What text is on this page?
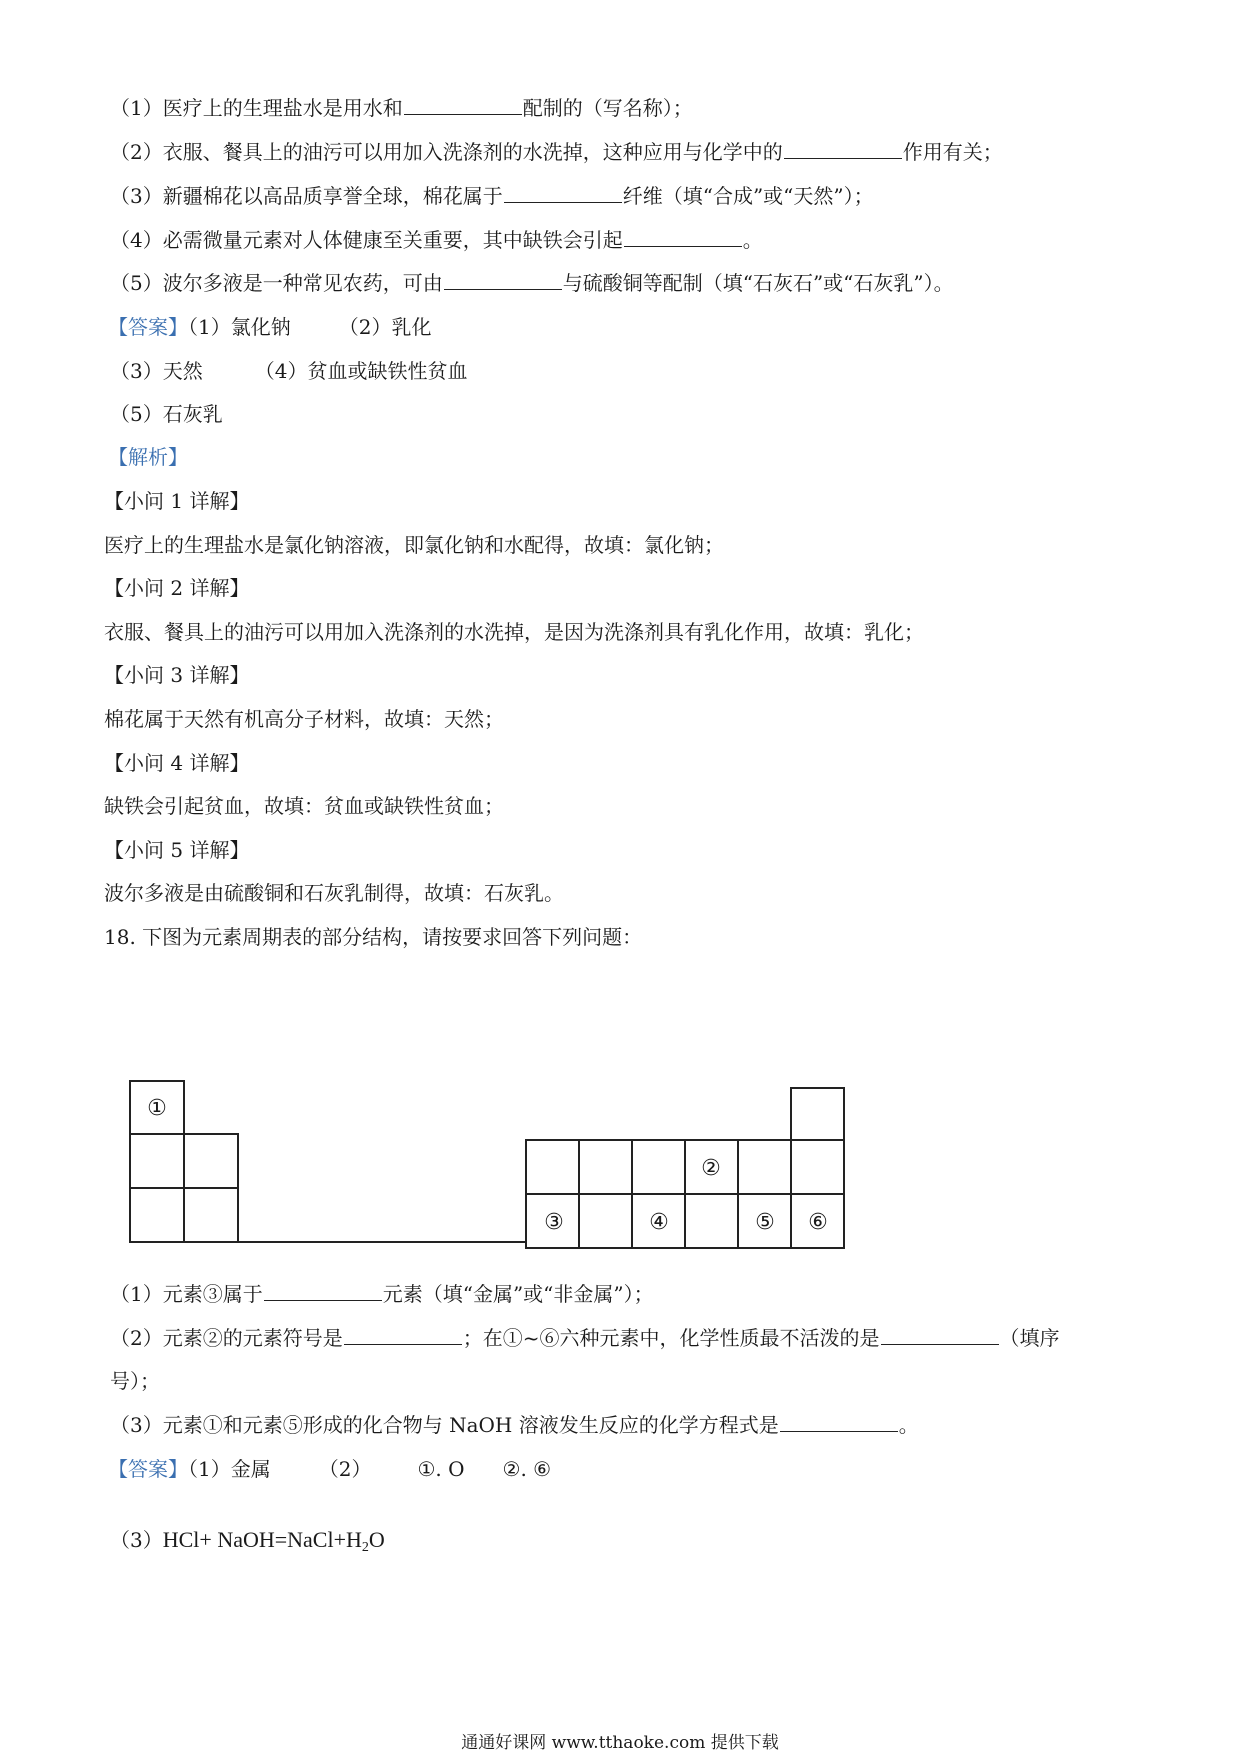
（1）医疗上的生理盐水是用水和	配制的（写名称）；
（2）衣服、餐具上的油污可以用加入洗涤剂的水洗掉，这种应用与化学中的	作用有关；
（3）新疆棉花以高品质享誉全球，棉花属于	纤维（填“合成”或“天然”）；
（4）必需微量元素对人体健康至关重要，其中缺铁会引起	。
（5）波尔多液是一种常见农药，可由	与硫酸铜等配制（填“石灰石”或“石灰乳”）。
【答案】（1）氯化钠 （2）乳化
（3）天然	（4）贫血或缺铁性贫血
（5）石灰乳
【解析】
【小问 1 详解】
医疗上的生理盐水是氯化钠溶液，即氯化钠和水配得，故填：氯化钠；
【小问 2 详解】
衣服、餐具上的油污可以用加入洗涤剂的水洗掉，是因为洗涤剂具有乳化作用，故填：乳化；
【小问 3 详解】
棉花属于天然有机高分子材料，故填：天然；
【小问 4 详解】
缺铁会引起贫血，故填：贫血或缺铁性贫血；
【小问 5 详解】
波尔多液是由硫酸铜和石灰乳制得，故填：石灰乳。
18. 下图为元素周期表的部分结构，请按要求回答下列问题：
①
②
③	④	⑤ ⑥
（1）元素③属于	元素（填“金属”或“非金属”）；
（2）元素②的元素符号是	；在①~⑥六种元素中，化学性质最不活泼的是	（填序
号）；
（3）元素①和元素⑤形成的化合物与 NaOH 溶液发生反应的化学方程式是	。
【答案】（1）金属 （2） ①. O ②. ⑥
$(3)HCl+ NaOH=NaCl+H_2O$
通通好课网 www.tthaoke.com 提供下载
